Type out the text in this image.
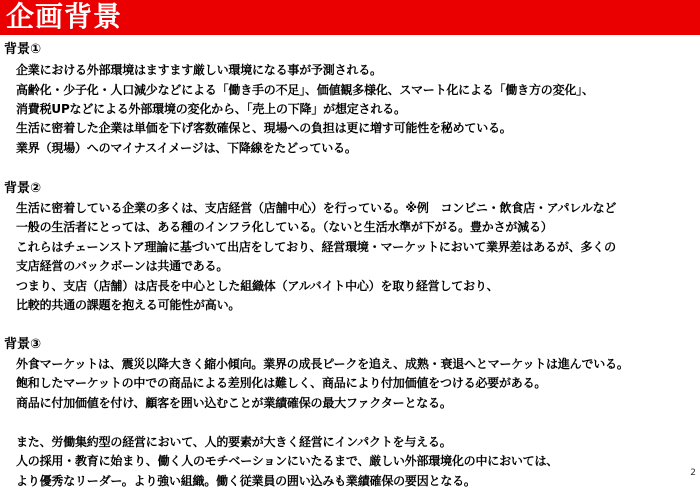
企画背景
背景①
企業における外部環境はますます厳しい環境になる事が予測される。
高齢化・少子化・人口減少などによる「働き手の不足」、価値観多様化、スマート化による「働き方の変化」、
消費税UPなどによる外部環境の変化から、「売上の下降」が想定される。
生活に密着した企業は単価を下げ客数確保と、現場への負担は更に増す可能性を秘めている。
業界（現場）へのマイナスイメージは、下降線をたどっている。
背景②
生活に密着している企業の多くは、支店経営（店舗中心）を行っている。※例　コンビニ・飲食店・アパレルなど
一般の生活者にとっては、ある種のインフラ化している。（ないと生活水準が下がる。豊かさが減る）
これらはチェーンストア理論に基づいて出店をしており、経営環境・マーケットにおいて業界差はあるが、多くの
支店経営のバックボーンは共通である。
つまり、支店（店舗）は店長を中心とした組織体（アルバイト中心）を取り経営しており、
比較的共通の課題を抱える可能性が高い。
背景③
外食マーケットは、震災以降大きく縮小傾向。業界の成長ピークを追え、成熟・衰退へとマーケットは進んでいる。
飽和したマーケットの中での商品による差別化は難しく、商品により付加価値をつける必要がある。
商品に付加価値を付け、顧客を囲い込むことが業績確保の最大ファクターとなる。
また、労働集約型の経営において、人的要素が大きく経営にインパクトを与える。
人の採用・教育に始まり、働く人のモチベーションにいたるまで、厳しい外部環境化の中においては、
より優秀なリーダー。より強い組織。働く従業員の囲い込みも業績確保の要因となる。
2
